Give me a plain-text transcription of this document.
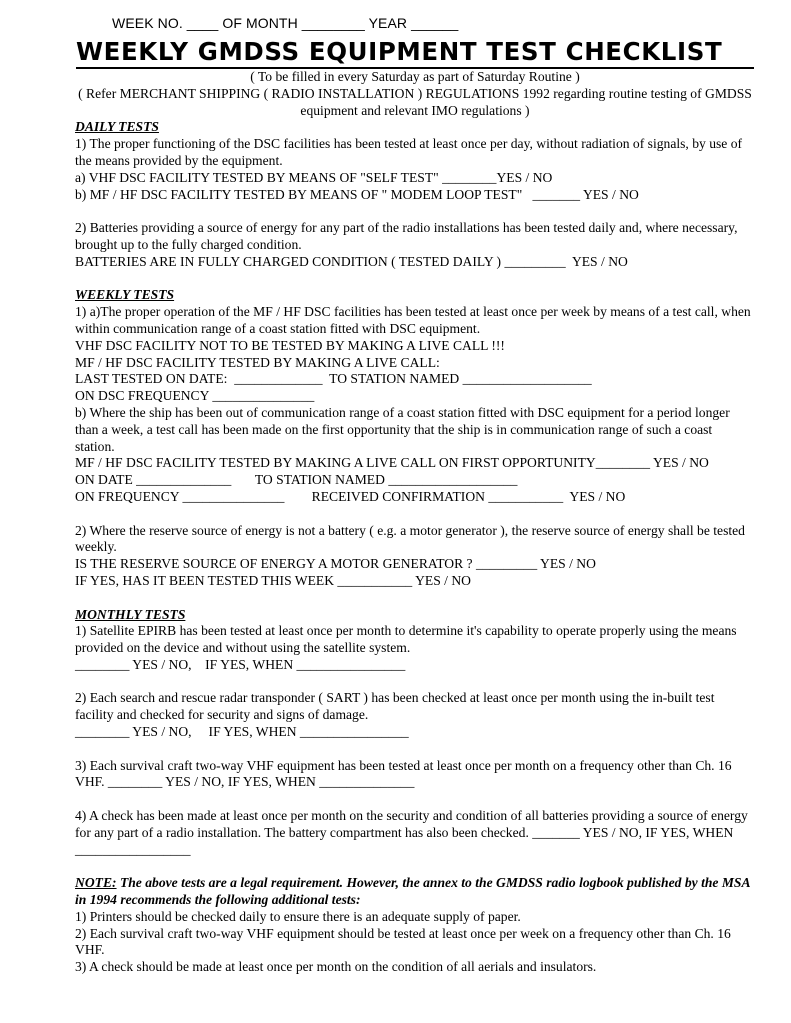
WEEK NO. ____ OF MONTH ________ YEAR ______
WEEKLY GMDSS EQUIPMENT TEST CHECKLIST

( To be filled in every Saturday as part of Saturday Routine )

( Refer MERCHANT SHIPPING ( RADIO INSTALLATION ) REGULATIONS 1992 regarding routine testing of GMDSS equipment and relevant IMO regulations )

DAILY TESTS

1) The proper functioning of the DSC facilities has been tested at least once per day, without radiation of signals, by use of the means provided by the equipment.

a) VHF DSC FACILITY TESTED BY MEANS OF "SELF TEST" ________YES / NO

b) MF / HF DSC FACILITY TESTED BY MEANS OF " MODEM LOOP TEST"   _______ YES / NO

2) Batteries providing a source of energy for any part of the radio installations has been tested daily and, where necessary, brought up to the fully charged condition.

BATTERIES ARE IN FULLY CHARGED CONDITION ( TESTED DAILY ) _________  YES / NO

WEEKLY TESTS

1) a)The proper operation of the MF / HF DSC facilities has been tested at least once per week by means of a test call, when within communication range of a coast station fitted with DSC equipment.

VHF DSC FACILITY NOT TO BE TESTED BY MAKING A LIVE CALL !!!

MF / HF DSC FACILITY TESTED BY MAKING A LIVE CALL:

LAST TESTED ON DATE:  _____________  TO STATION NAMED ___________________

ON DSC FREQUENCY _______________

b) Where the ship has been out of communication range of a coast station fitted with DSC equipment for a period longer than a week, a test call has been made on the first opportunity that the ship is in communication range of such a coast station.

MF / HF DSC FACILITY TESTED BY MAKING A LIVE CALL ON FIRST OPPORTUNITY________ YES / NO

ON DATE ______________       TO STATION NAMED ___________________

ON FREQUENCY _______________        RECEIVED CONFIRMATION ___________  YES / NO

2) Where the reserve source of energy is not a battery ( e.g. a motor generator ), the reserve source of energy shall be tested weekly.

IS THE RESERVE SOURCE OF ENERGY A MOTOR GENERATOR ? _________ YES / NO

IF YES, HAS IT BEEN TESTED THIS WEEK ___________ YES / NO

MONTHLY TESTS

1) Satellite EPIRB has been tested at least once per month to determine it's capability to operate properly using the means provided on the device and without using the satellite system.

________ YES / NO,    IF YES, WHEN ________________

2) Each search and rescue radar transponder ( SART ) has been checked at least once per month using the in-built test facility and checked for security and signs of damage.

________ YES / NO,     IF YES, WHEN ________________

3) Each survival craft two-way VHF equipment has been tested at least once per month on a frequency other than Ch. 16 VHF. ________ YES / NO, IF YES, WHEN ______________

4) A check has been made at least once per month on the security and condition of all batteries providing a source of energy for any part of a radio installation. The battery compartment has also been checked. _______ YES / NO, IF YES, WHEN _________________

NOTE: The above tests are a legal requirement. However, the annex to the GMDSS radio logbook published by the MSA in 1994 recommends the following additional tests:

1) Printers should be checked daily to ensure there is an adequate supply of paper.

2) Each survival craft two-way VHF equipment should be tested at least once per week on a frequency other than Ch. 16 VHF.

3) A check should be made at least once per month on the condition of all aerials and insulators.
